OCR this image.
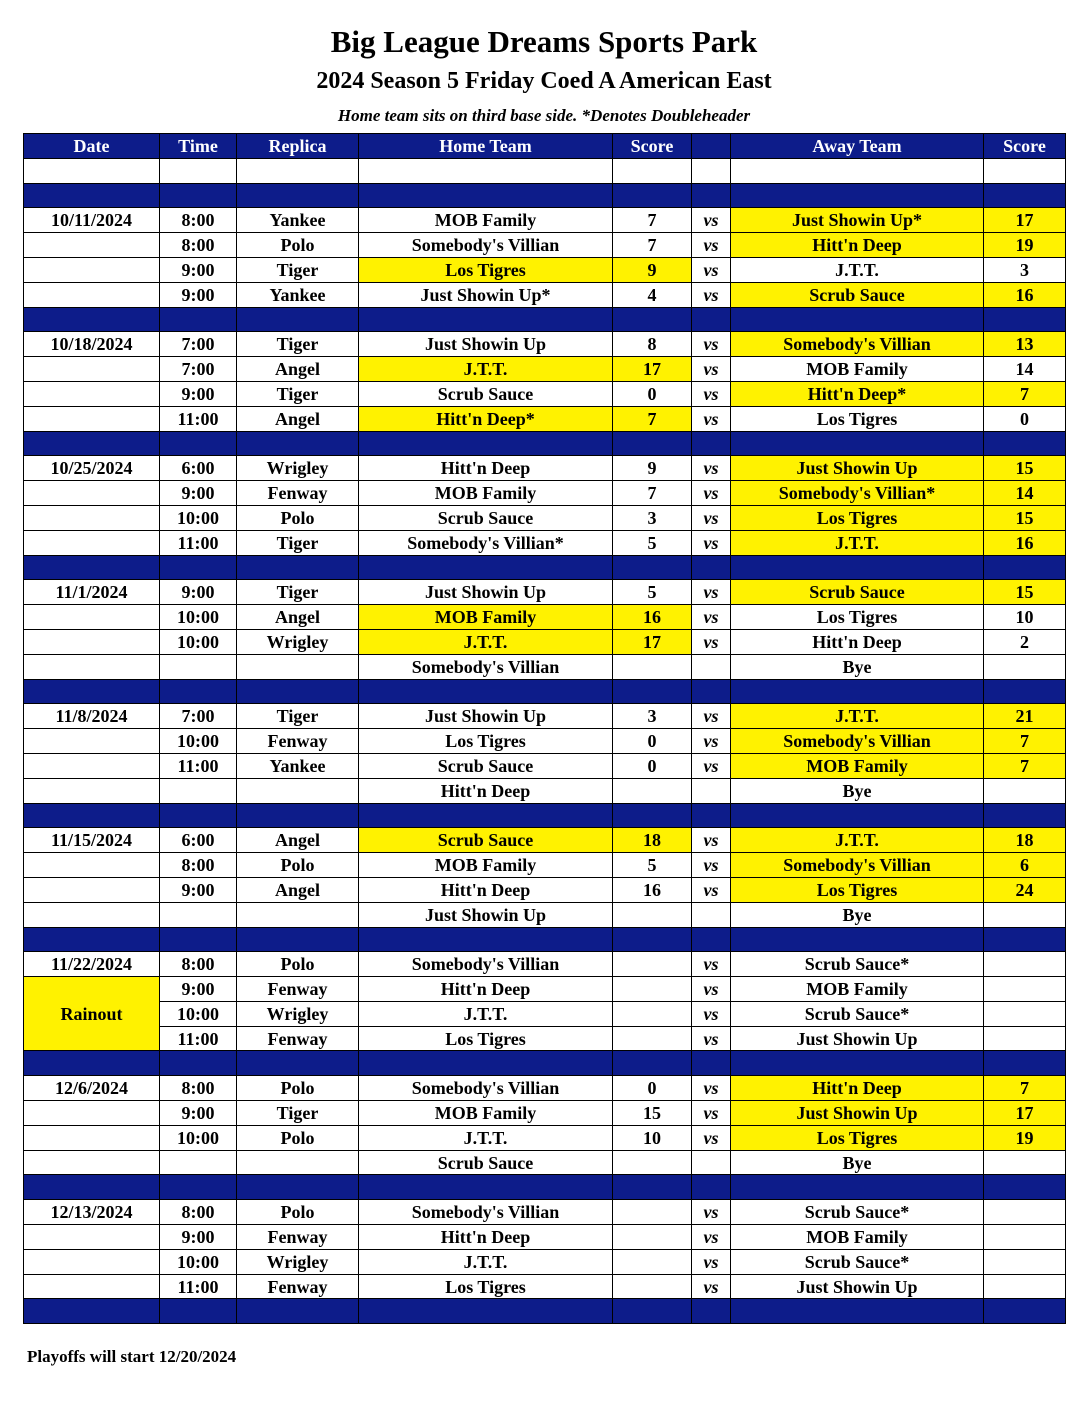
Big League Dreams Sports Park
2024 Season 5 Friday Coed A American East
Home team sits on third base side. *Denotes Doubleheader
Date	Time	Replica	Home Team	Score		Away Team	Score

10/11/2024	8:00	Yankee	MOB Family	7	vs	Just Showin Up*	17
	8:00	Polo	Somebody's Villian	7	vs	Hitt'n Deep	19
	9:00	Tiger	Los Tigres	9	vs	J.T.T.	3
	9:00	Yankee	Just Showin Up*	4	vs	Scrub Sauce	16

10/18/2024	7:00	Tiger	Just Showin Up	8	vs	Somebody's Villian	13
	7:00	Angel	J.T.T.	17	vs	MOB Family	14
	9:00	Tiger	Scrub Sauce	0	vs	Hitt'n Deep*	7
	11:00	Angel	Hitt'n Deep*	7	vs	Los Tigres	0

10/25/2024	6:00	Wrigley	Hitt'n Deep	9	vs	Just Showin Up	15
	9:00	Fenway	MOB Family	7	vs	Somebody's Villian*	14
	10:00	Polo	Scrub Sauce	3	vs	Los Tigres	15
	11:00	Tiger	Somebody's Villian*	5	vs	J.T.T.	16

11/1/2024	9:00	Tiger	Just Showin Up	5	vs	Scrub Sauce	15
	10:00	Angel	MOB Family	16	vs	Los Tigres	10
	10:00	Wrigley	J.T.T.	17	vs	Hitt'n Deep	2
			Somebody's Villian			Bye	

11/8/2024	7:00	Tiger	Just Showin Up	3	vs	J.T.T.	21
	10:00	Fenway	Los Tigres	0	vs	Somebody's Villian	7
	11:00	Yankee	Scrub Sauce	0	vs	MOB Family	7
			Hitt'n Deep			Bye	

11/15/2024	6:00	Angel	Scrub Sauce	18	vs	J.T.T.	18
	8:00	Polo	MOB Family	5	vs	Somebody's Villian	6
	9:00	Angel	Hitt'n Deep	16	vs	Los Tigres	24
			Just Showin Up			Bye	

11/22/2024	8:00	Polo	Somebody's Villian		vs	Scrub Sauce*	
Rainout	9:00	Fenway	Hitt'n Deep		vs	MOB Family	
	10:00	Wrigley	J.T.T.		vs	Scrub Sauce*	
	11:00	Fenway	Los Tigres		vs	Just Showin Up	

12/6/2024	8:00	Polo	Somebody's Villian	0	vs	Hitt'n Deep	7
	9:00	Tiger	MOB Family	15	vs	Just Showin Up	17
	10:00	Polo	J.T.T.	10	vs	Los Tigres	19
			Scrub Sauce			Bye	

12/13/2024	8:00	Polo	Somebody's Villian		vs	Scrub Sauce*	
	9:00	Fenway	Hitt'n Deep		vs	MOB Family	
	10:00	Wrigley	J.T.T.		vs	Scrub Sauce*	
	11:00	Fenway	Los Tigres		vs	Just Showin Up	

Playoffs will start 12/20/2024
